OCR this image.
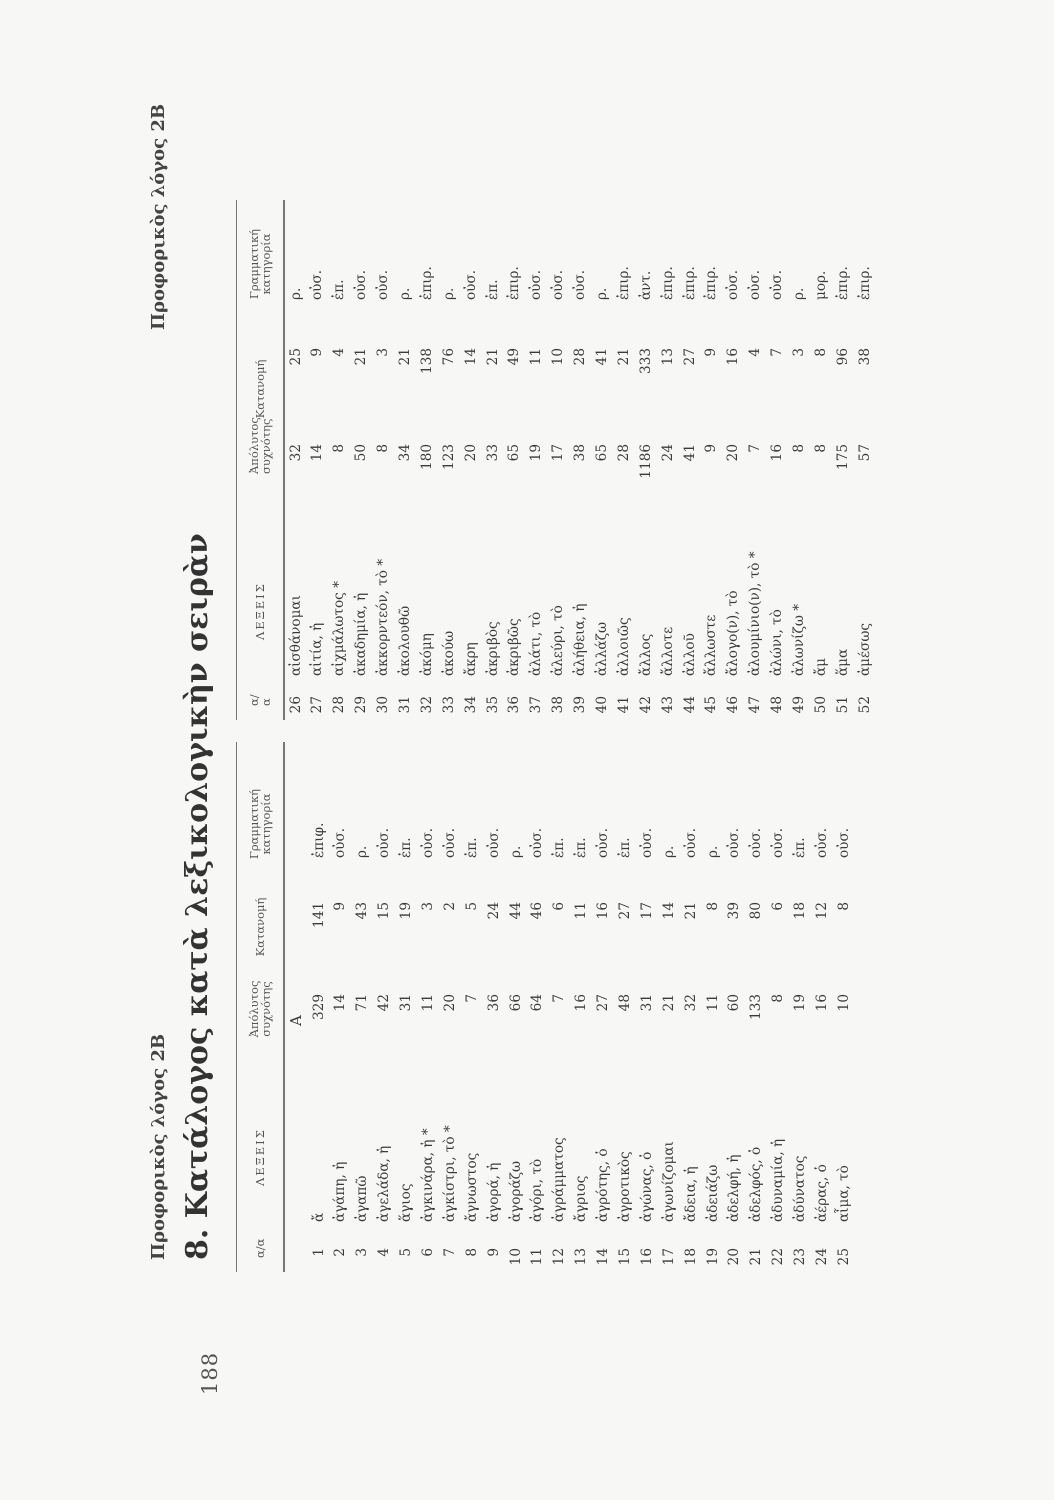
188
Προφορικὸς λόγος 2Β
Προφορικὸς λόγος 2Β
8. Κατάλογος κατὰ λεξικολογικὴν σειρὰν	α/α
ΛΕΞΕΙΣ
Ἀπόλυτος συχνότης
Κατανομή
Γραμματική κατηγορία
Α
1
ἄ
329
141
ἐπιφ.
2
ἀγάπη, ἡ
14
9
οὐσ.
3
ἀγαπῶ
71
43
ρ.
4
ἀγελάδα, ἡ
42
15
οὐσ.
5
ἅγιος
31
19
ἐπ.
6
ἀγκινάρα, ἡ *
11
3
οὐσ.
7
ἀγκίστρι, τὸ *
20
2
οὐσ.
8
ἄγνωστος
7
5
ἐπ.
9
ἀγορά, ἡ
36
24
οὐσ.
10
ἀγοράζω
66
44
ρ.
11
ἀγόρι, τὸ
64
46
οὐσ.
12
ἀγράμματος
7
6
ἐπ.
13
ἄγριος
16
11
ἐπ.
14
ἀγρότης, ὁ
27
16
οὐσ.
15
ἀγροτικὸς
48
27
ἐπ.
16
ἀγώνας, ὁ
31
17
οὐσ.
17
ἀγωνίζομαι
21
14
ρ.
18
ἄδεια, ἡ
32
21
οὐσ.
19
ἀδειάζω
11
8
ρ.
20
ἀδελφή, ἡ
60
39
οὐσ.
21
ἀδελφός, ὁ
133
80
οὐσ.
22
ἀδυναμία, ἡ
8
6
οὐσ.
23
ἀδύνατος
19
18
ἐπ.
24
ἀέρας, ὁ
16
12
οὐσ.
25
αἷμα, τὸ
10
8
οὐσ.
α/α
ΛΕΞΕΙΣ
Ἀπόλυτος συχνότης
Κατανομή
Γραμματική κατηγορία
26
αἰσθάνομαι
32
25
ρ.
27
αἰτία, ἡ
14
9
οὐσ.
28
αἰχμάλωτος *
8
4
ἐπ.
29
ἀκαδημία, ἡ
50
21
οὐσ.
30
ἀκκορντεόν, τὸ *
8
3
οὐσ.
31
ἀκολουθῶ
34
21
ρ.
32
ἀκόμη
180
138
ἐπιρ.
33
ἀκούω
123
76
ρ.
34
ἄκρη
20
14
οὐσ.
35
ἀκριβὸς
33
21
ἐπ.
36
ἀκριβῶς
65
49
ἐπιρ.
37
ἁλάτι, τὸ
19
11
οὐσ.
38
ἀλεύρι, τὸ
17
10
οὐσ.
39
ἀλήθεια, ἡ
38
28
οὐσ.
40
ἀλλάζω
65
41
ρ.
41
ἀλλοιῶς
28
21
ἐπιρ.
42
ἄλλος
1186
333
ἀντ.
43
ἄλλοτε
24
13
ἐπιρ.
44
ἀλλοῦ
41
27
ἐπιρ.
45
ἄλλωστε
9
9
ἐπιρ.
46
ἄλογο(ν), τὸ
20
16
οὐσ.
47
ἀλουμίνιο(ν), τὸ *
7
4
οὐσ.
48
ἀλώνι, τὸ
16
7
οὐσ.
49
ἀλωνίζω *
8
3
ρ.
50
ἄμ
8
8
μορ.
51
ἅμα
175
96
ἐπιρ.
52
ἀμέσως
57
38
ἐπιρ.
